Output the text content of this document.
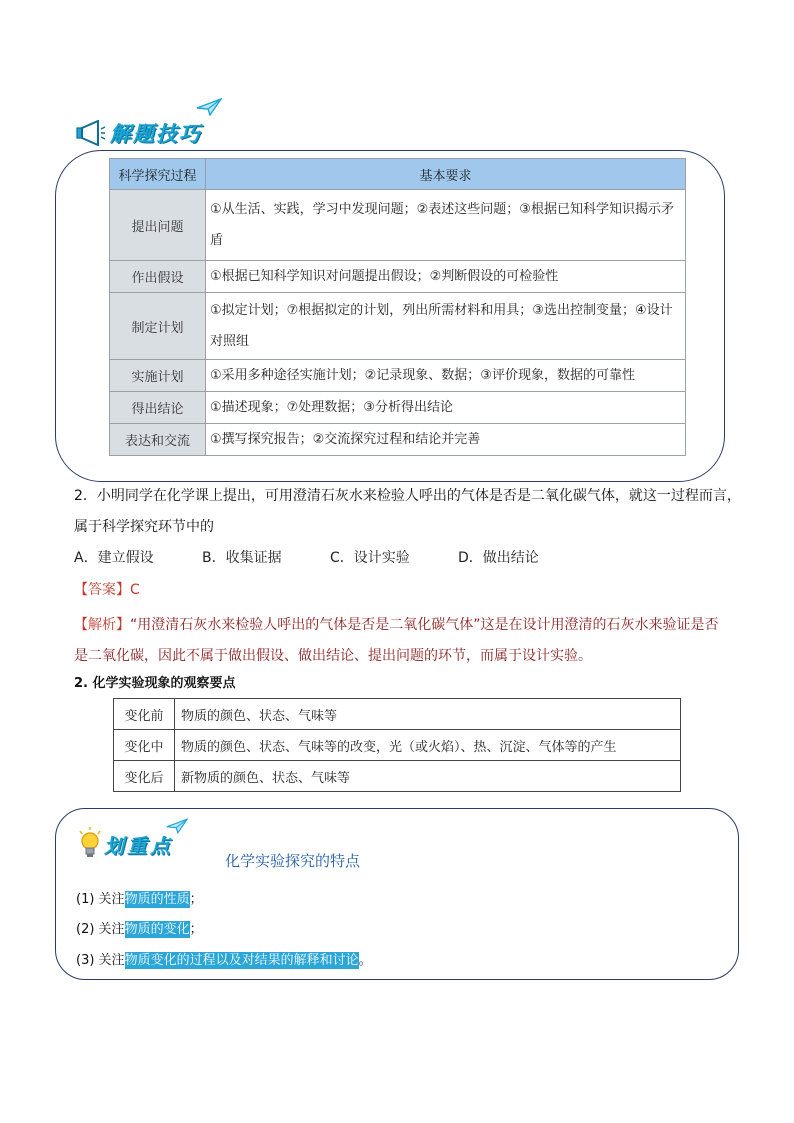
解题技巧
科学探究过程	基本要求
提出问题	①从生活、实践，学习中发现问题；②表述这些问题；③根据已知科学知识揭示矛盾
作出假设	①根据已知科学知识对问题提出假设；②判断假设的可检验性
制定计划	①拟定计划；⑦根据拟定的计划，列出所需材料和用具；③选出控制变量；④设计对照组
实施计划	①采用多种途径实施计划；②记录现象、数据；③评价现象，数据的可靠性
得出结论	①描述现象；⑦处理数据；③分析得出结论
表达和交流	①撰写探究报告；②交流探究过程和结论并完善
2．小明同学在化学课上提出，可用澄清石灰水来检验人呼出的气体是否是二氧化碳气体，就这一过程而言，
属于科学探究环节中的
A．建立假设	B．收集证据	C．设计实验	D．做出结论
【答案】C
【解析】“用澄清石灰水来检验人呼出的气体是否是二氧化碳气体”这是在设计用澄清的石灰水来验证是否是二氧化碳，因此不属于做出假设、做出结论、提出问题的环节，而属于设计实验。
2. 化学实验现象的观察要点
变化前	物质的颜色、状态、气味等
变化中	物质的颜色、状态、气味等的改变，光（或火焰）、热、沉淀、气体等的产生
变化后	新物质的颜色、状态、气味等
划重点
化学实验探究的特点
(1) 关注物质的性质；
(2) 关注物质的变化；
(3) 关注物质变化的过程以及对结果的解释和讨论。
